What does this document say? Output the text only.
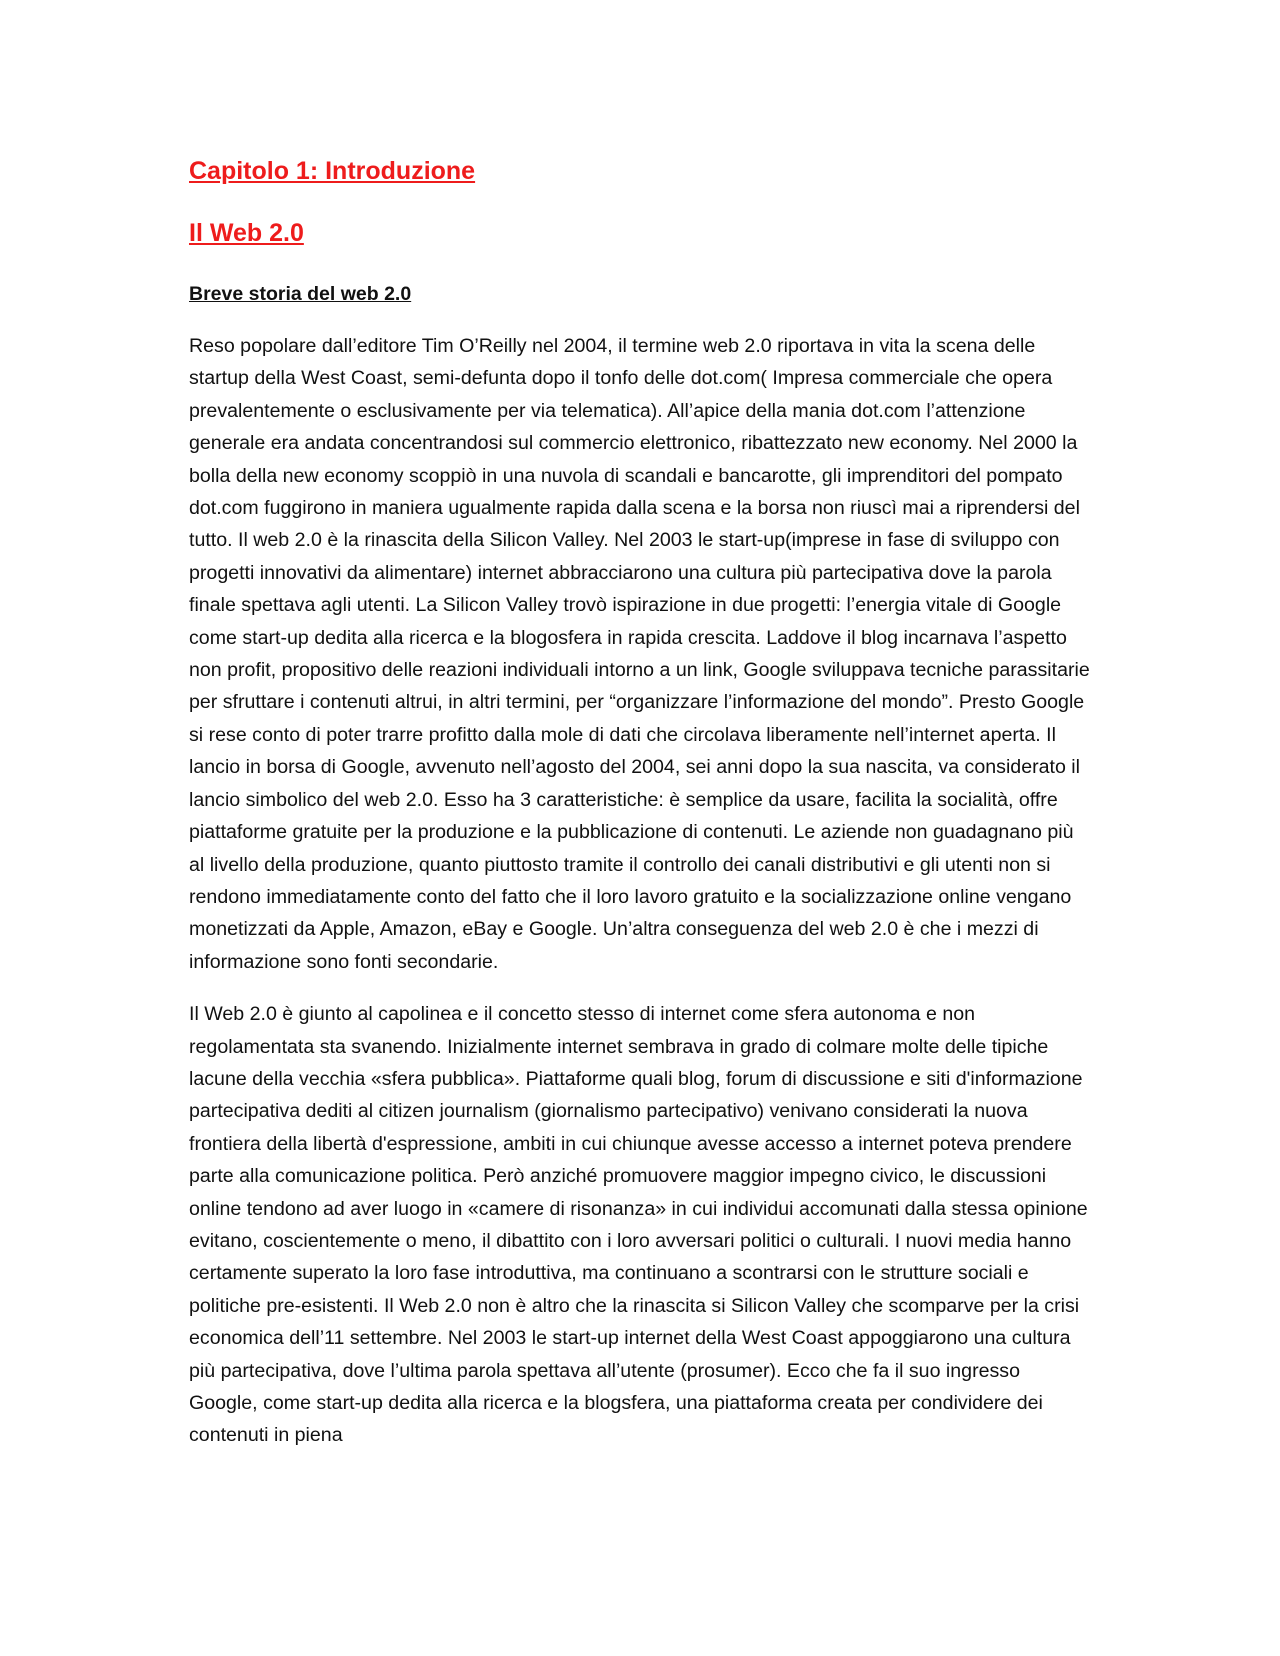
Capitolo 1: Introduzione
Il Web 2.0
Breve storia del web 2.0

Reso popolare dall’editore Tim O’Reilly nel 2004, il termine web 2.0 riportava in vita la scena delle startup della West Coast, semi-defunta dopo il tonfo delle dot.com( Impresa commerciale che opera prevalentemente o esclusivamente per via telematica). All’apice della mania dot.com l’attenzione generale era andata concentrandosi sul commercio elettronico, ribattezzato new economy. Nel 2000 la bolla della new economy scoppiò in una nuvola di scandali e bancarotte, gli imprenditori del pompato dot.com fuggirono in maniera ugualmente rapida dalla scena e la borsa non riuscì mai a riprendersi del tutto. Il web 2.0 è la rinascita della Silicon Valley. Nel 2003 le start-up(imprese in fase di sviluppo con progetti innovativi da alimentare) internet abbracciarono una cultura più partecipativa dove la parola finale spettava agli utenti. La Silicon Valley trovò ispirazione in due progetti: l’energia vitale di Google come start-up dedita alla ricerca e la blogosfera in rapida crescita. Laddove il blog incarnava l’aspetto non profit, propositivo delle reazioni individuali intorno a un link, Google sviluppava tecniche parassitarie per sfruttare i contenuti altrui, in altri termini, per “organizzare l’informazione del mondo”. Presto Google si rese conto di poter trarre profitto dalla mole di dati che circolava liberamente nell’internet aperta. Il lancio in borsa di Google, avvenuto nell’agosto del 2004, sei anni dopo la sua nascita, va considerato il lancio simbolico del web 2.0. Esso ha 3 caratteristiche: è semplice da usare, facilita la socialità, offre piattaforme gratuite per la produzione e la pubblicazione di contenuti. Le aziende non guadagnano più al livello della produzione, quanto piuttosto tramite il controllo dei canali distributivi e gli utenti non si rendono immediatamente conto del fatto che il loro lavoro gratuito e la socializzazione online vengano monetizzati da Apple, Amazon, eBay e Google. Un’altra conseguenza del web 2.0 è che i mezzi di informazione sono fonti secondarie.

Il Web 2.0 è giunto al capolinea e il concetto stesso di internet come sfera autonoma e non regolamentata sta svanendo. Inizialmente internet sembrava in grado di colmare molte delle tipiche lacune della vecchia «sfera pubblica». Piattaforme quali blog, forum di discussione e siti d'informazione partecipativa dediti al citizen journalism (giornalismo partecipativo) venivano considerati la nuova frontiera della libertà d'espressione, ambiti in cui chiunque avesse accesso a internet poteva prendere parte alla comunicazione politica. Però anziché promuovere maggior impegno civico, le discussioni online tendono ad aver luogo in «camere di risonanza» in cui individui accomunati dalla stessa opinione evitano, coscientemente o meno, il dibattito con i loro avversari politici o culturali. I nuovi media hanno certamente superato la loro fase introduttiva, ma continuano a scontrarsi con le strutture sociali e politiche pre-esistenti. Il Web 2.0 non è altro che la rinascita si Silicon Valley che scomparve per la crisi economica dell’11 settembre. Nel 2003 le start-up internet della West Coast appoggiarono una cultura più partecipativa, dove l’ultima parola spettava all’utente (prosumer). Ecco che fa il suo ingresso Google, come start-up dedita alla ricerca e la blogsfera, una piattaforma creata per condividere dei contenuti in piena
